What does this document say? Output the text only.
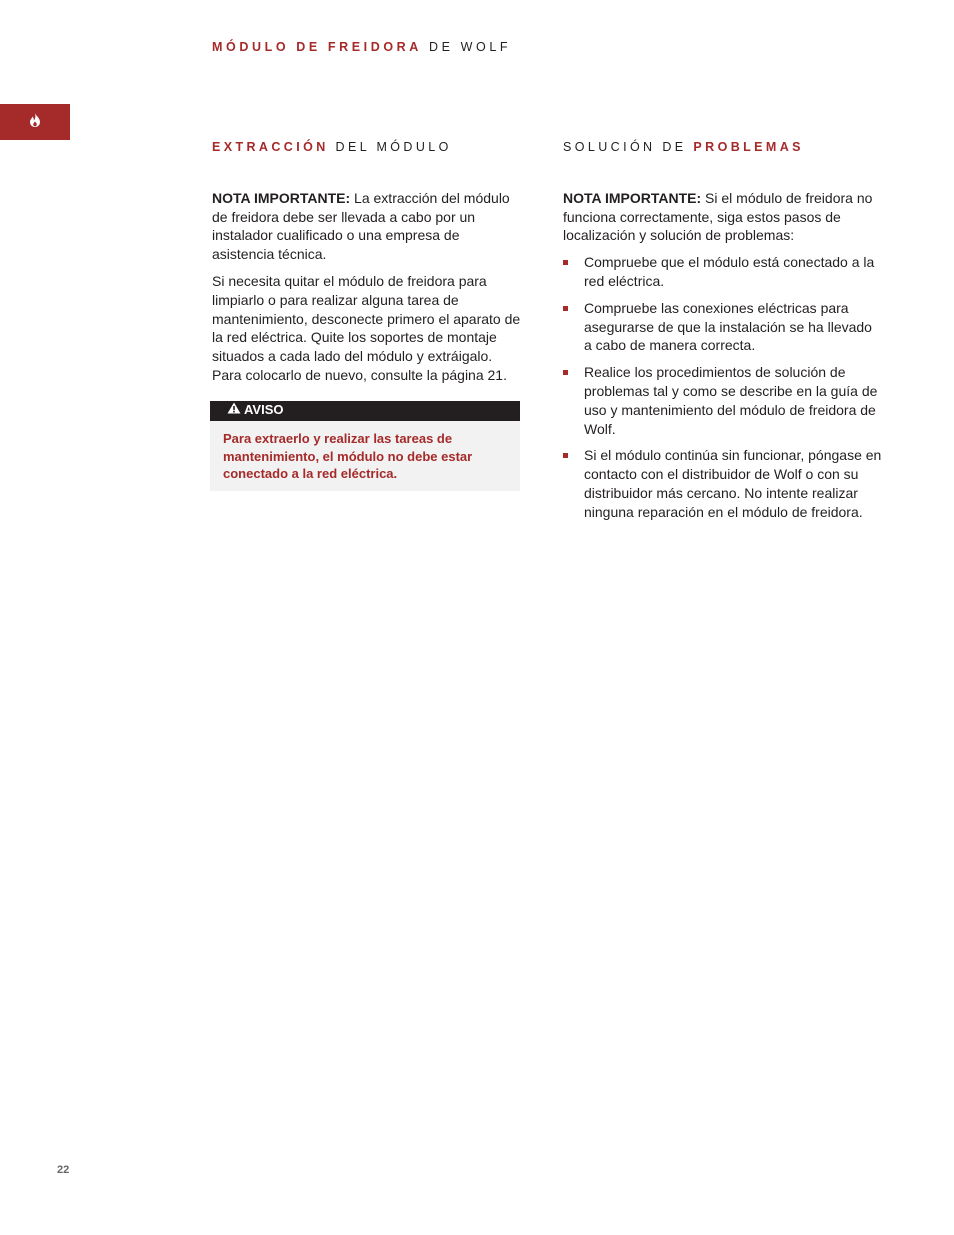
MÓDULO DE FREIDORA DE WOLF
EXTRACCIÓN DEL MÓDULO

NOTA IMPORTANTE: La extracción del módulo de freidora debe ser llevada a cabo por un instalador cualificado o una empresa de asistencia técnica.

Si necesita quitar el módulo de freidora para limpiarlo o para realizar alguna tarea de mantenimiento, desconecte primero el aparato de la red eléctrica. Quite los soportes de montaje situados a cada lado del módulo y extráigalo. Para colocarlo de nuevo, consulte la página 21.

AVISO
Para extraerlo y realizar las tareas de mantenimiento, el módulo no debe estar conectado a la red eléctrica.
SOLUCIÓN DE PROBLEMAS

NOTA IMPORTANTE: Si el módulo de freidora no funciona correctamente, siga estos pasos de localización y solución de problemas:

Compruebe que el módulo está conectado a la red eléctrica.
Compruebe las conexiones eléctricas para asegurarse de que la instalación se ha llevado a cabo de manera correcta.
Realice los procedimientos de solución de problemas tal y como se describe en la guía de uso y mantenimiento del módulo de freidora de Wolf.
Si el módulo continúa sin funcionar, póngase en contacto con el distribuidor de Wolf o con su distribuidor más cercano. No intente realizar ninguna reparación en el módulo de freidora.
22
